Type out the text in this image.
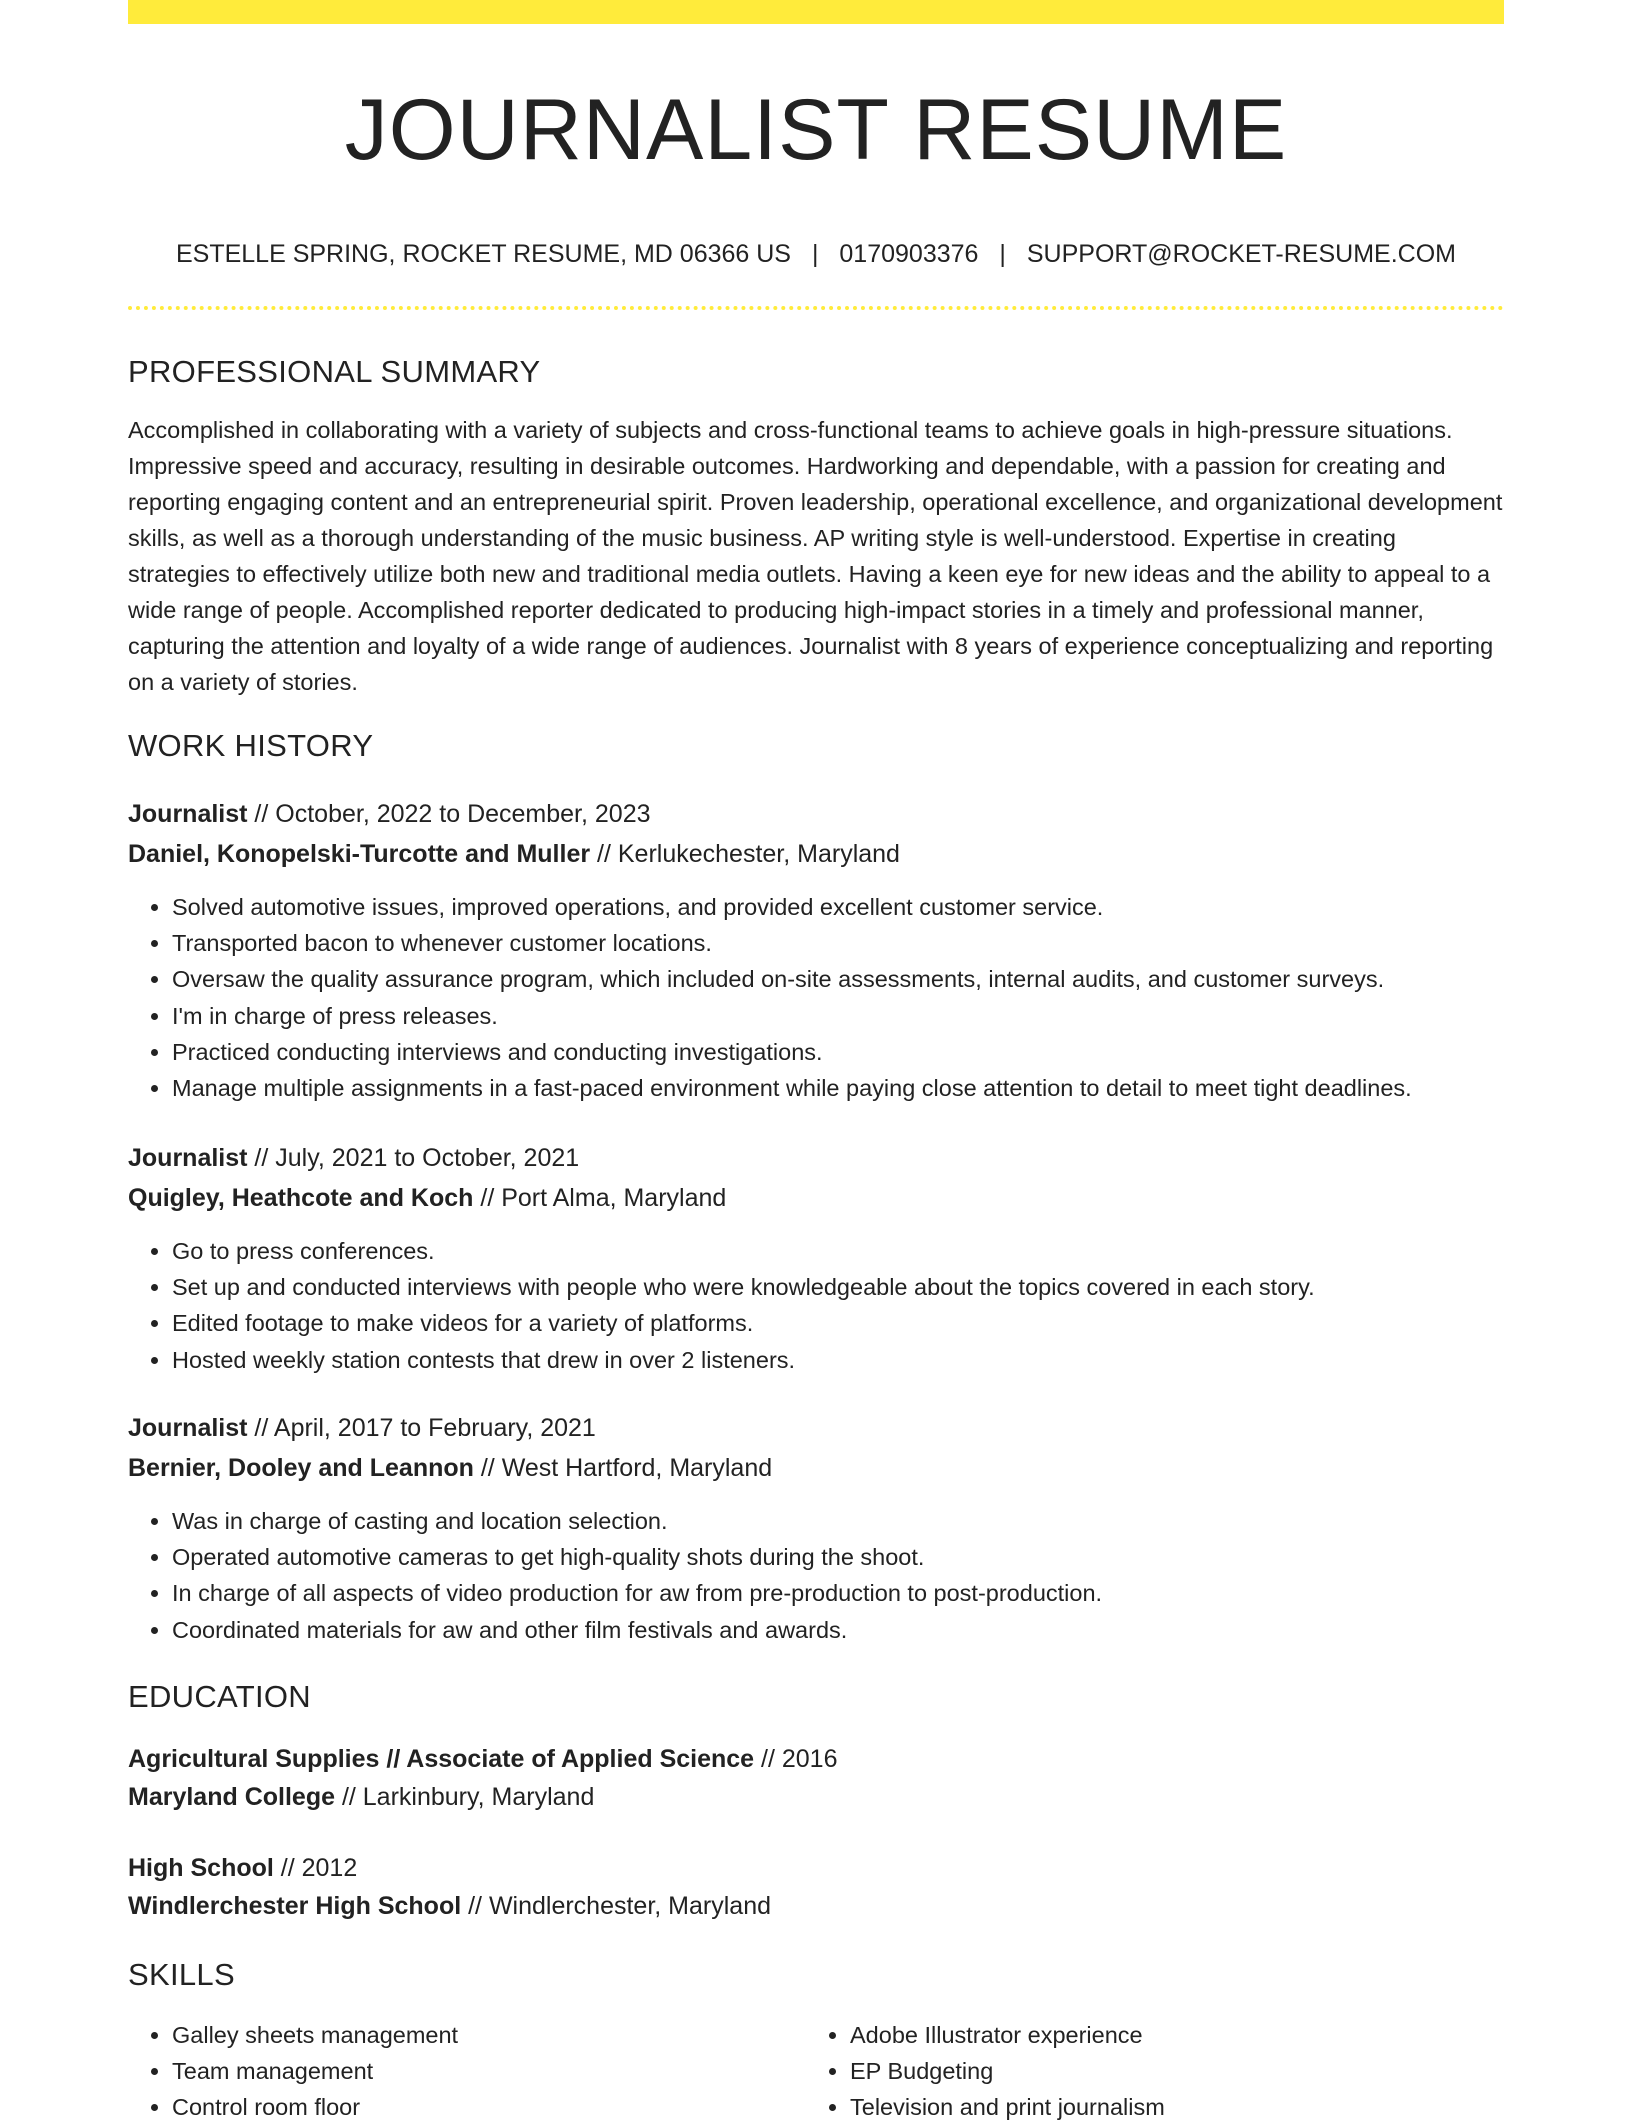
JOURNALIST RESUME
ESTELLE SPRING, ROCKET RESUME, MD 06366 US | 0170903376 | SUPPORT@ROCKET-RESUME.COM
PROFESSIONAL SUMMARY
Accomplished in collaborating with a variety of subjects and cross-functional teams to achieve goals in high-pressure situations. Impressive speed and accuracy, resulting in desirable outcomes. Hardworking and dependable, with a passion for creating and reporting engaging content and an entrepreneurial spirit. Proven leadership, operational excellence, and organizational development skills, as well as a thorough understanding of the music business. AP writing style is well-understood. Expertise in creating strategies to effectively utilize both new and traditional media outlets. Having a keen eye for new ideas and the ability to appeal to a wide range of people. Accomplished reporter dedicated to producing high-impact stories in a timely and professional manner, capturing the attention and loyalty of a wide range of audiences. Journalist with 8 years of experience conceptualizing and reporting on a variety of stories.
WORK HISTORY
Journalist // October, 2022 to December, 2023
Daniel, Konopelski-Turcotte and Muller // Kerlukechester, Maryland
• Solved automotive issues, improved operations, and provided excellent customer service.
• Transported bacon to whenever customer locations.
• Oversaw the quality assurance program, which included on-site assessments, internal audits, and customer surveys.
• I'm in charge of press releases.
• Practiced conducting interviews and conducting investigations.
• Manage multiple assignments in a fast-paced environment while paying close attention to detail to meet tight deadlines.
Journalist // July, 2021 to October, 2021
Quigley, Heathcote and Koch // Port Alma, Maryland
• Go to press conferences.
• Set up and conducted interviews with people who were knowledgeable about the topics covered in each story.
• Edited footage to make videos for a variety of platforms.
• Hosted weekly station contests that drew in over 2 listeners.
Journalist // April, 2017 to February, 2021
Bernier, Dooley and Leannon // West Hartford, Maryland
• Was in charge of casting and location selection.
• Operated automotive cameras to get high-quality shots during the shoot.
• In charge of all aspects of video production for aw from pre-production to post-production.
• Coordinated materials for aw and other film festivals and awards.
EDUCATION
Agricultural Supplies // Associate of Applied Science // 2016
Maryland College // Larkinbury, Maryland
High School // 2012
Windlerchester High School // Windlerchester, Maryland
SKILLS
• Galley sheets management
• Team management
• Control room floor
• Adobe Illustrator experience
• EP Budgeting
• Television and print journalism
